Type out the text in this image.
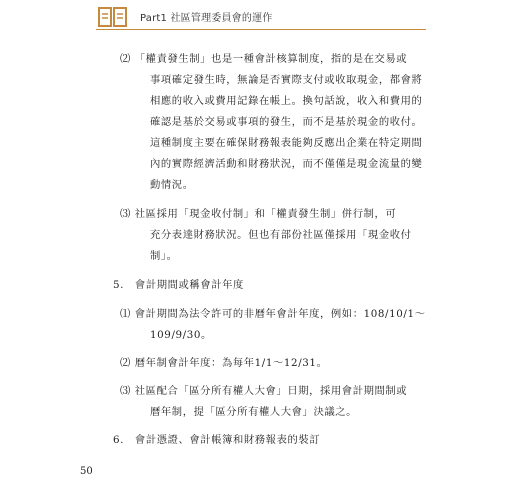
Part1 社區管理委員會的運作
⑵ 「權責發生制」也是一種會計核算制度，指的是在交易或
事項確定發生時，無論是否實際支付或收取現金，都會將
相應的收入或費用記錄在帳上。換句話說，收入和費用的
確認是基於交易或事項的發生，而不是基於現金的收付。
這種制度主要在確保財務報表能夠反應出企業在特定期間
內的實際經濟活動和財務狀況，而不僅僅是現金流量的變
動情況。
⑶ 社區採用「現金收付制」和「權責發生制」併行制，可
充分表達財務狀況。但也有部份社區僅採用「現金收付
制」。
5.　會計期間或稱會計年度
⑴ 會計期間為法令許可的非曆年會計年度，例如：108/10/1～
109/9/30。
⑵ 曆年制會計年度：為每年1/1～12/31。
⑶ 社區配合「區分所有權人大會」日期，採用會計期間制或
曆年制，提「區分所有權人大會」決議之。
6.　會計憑證、會計帳簿和財務報表的裝訂
50
